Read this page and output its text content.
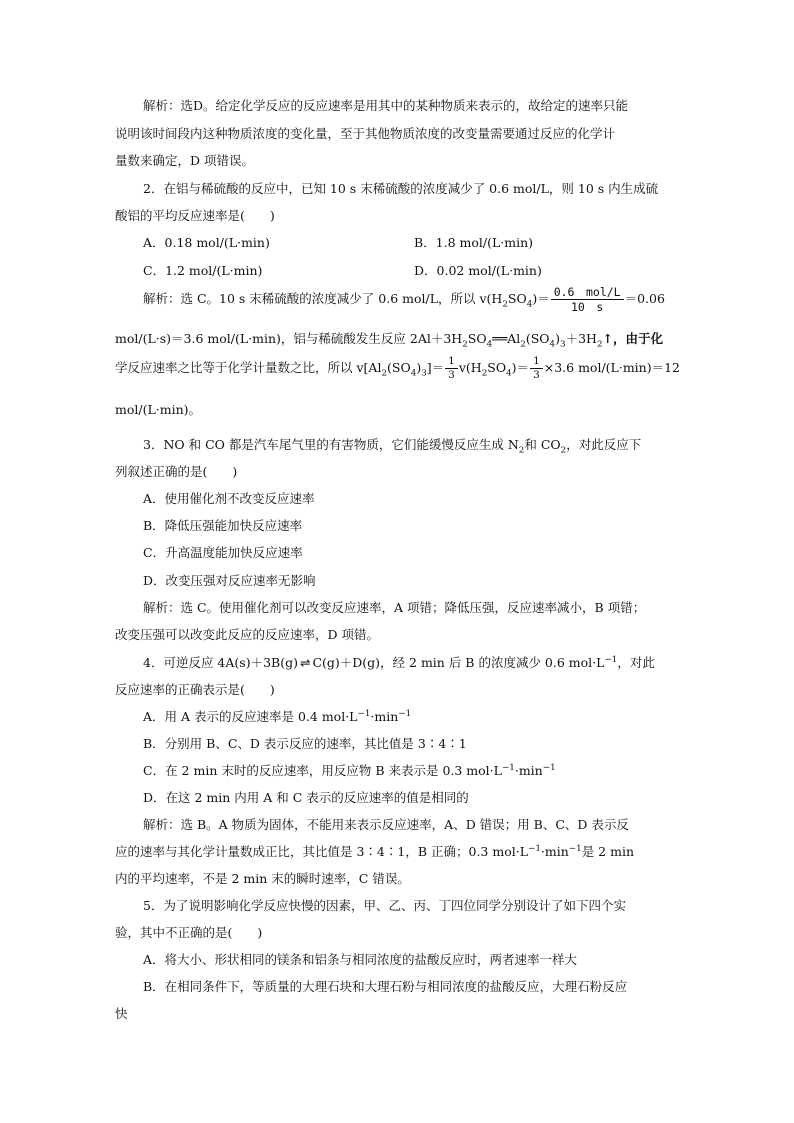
解析：选D。给定化学反应的反应速率是用其中的某种物质来表示的，故给定的速率只能
说明该时间段内这种物质浓度的变化量，至于其他物质浓度的改变量需要通过反应的化学计
量数来确定，D 项错误。
2．在铝与稀硫酸的反应中，已知 10 s 末稀硫酸的浓度减少了 0.6 mol/L，则 10 s 内生成硫
酸铝的平均反应速率是(　　)
A．0.18 mol/(L·min)	B．1.8 mol/(L·min)
C．1.2 mol/(L·min)	D．0.02 mol/(L·min)
解析：选 C。10 s 末稀硫酸的浓度减少了 0.6 mol/L，所以 $v(H_2SO_4)= \frac{\text{0.6　mol/L}}{10 s} =0.06$
mol/(L·s)＝3.6 mol/(L·min)，铝与稀硫酸发生反应 $2Al+3H_2SO_4══Al_2(SO_4)_3+3H_2↑$，由于化
学反应速率之比等于化学计量数之比，所以 $v[Al_2(SO_4)_3]= \frac{1}{3} v(H_2SO_4)= \frac{1}{3} \times 3.6$ mol/(L·min)＝12
mol/(L·min)。
3．NO 和 CO 都是汽车尾气里的有害物质，它们能缓慢反应生成 $N_2$和 $CO_2$，对此反应下
列叙述正确的是(　　)
A．使用催化剂不改变反应速率
B．降低压强能加快反应速率
C．升高温度能加快反应速率
D．改变压强对反应速率无影响
解析：选 C。使用催化剂可以改变反应速率，A 项错；降低压强，反应速率减小，B 项错；
改变压强可以改变此反应的反应速率，D 项错。
4．可逆反应 4A(s)＋3B(g) ⇌ C(g)＋D(g)，经 2 min 后 B 的浓度减少 0.6 $mol\cdot L^{-1}$，对此
反应速率的正确表示是(　　)
A．用 A 表示的反应速率是 0.4 $mol\cdot L^{-1}\cdot\min^{-1}$
B．分别用 B、C、D 表示反应的速率，其比值是 3∶4∶1
C．在 2 min 末时的反应速率，用反应物 B 来表示是 0.3 $mol\cdot L^{-1}\cdot\min^{-1}$
D．在这 2 min 内用 A 和 C 表示的反应速率的值是相同的
解析：选 B。A 物质为固体，不能用来表示反应速率，A、D 错误；用 B、C、D 表示反
应的速率与其化学计量数成正比，其比值是 3∶4∶1，B 正确；0.3 $mol\cdot L^{-1}\cdot\min^{-1}$是 2 min
内的平均速率，不是 2 min 末的瞬时速率，C 错误。
5．为了说明影响化学反应快慢的因素，甲、乙、丙、丁四位同学分别设计了如下四个实
验，其中不正确的是(　　)
A．将大小、形状相同的镁条和铝条与相同浓度的盐酸反应时，两者速率一样大
B．在相同条件下，等质量的大理石块和大理石粉与相同浓度的盐酸反应，大理石粉反应
快
